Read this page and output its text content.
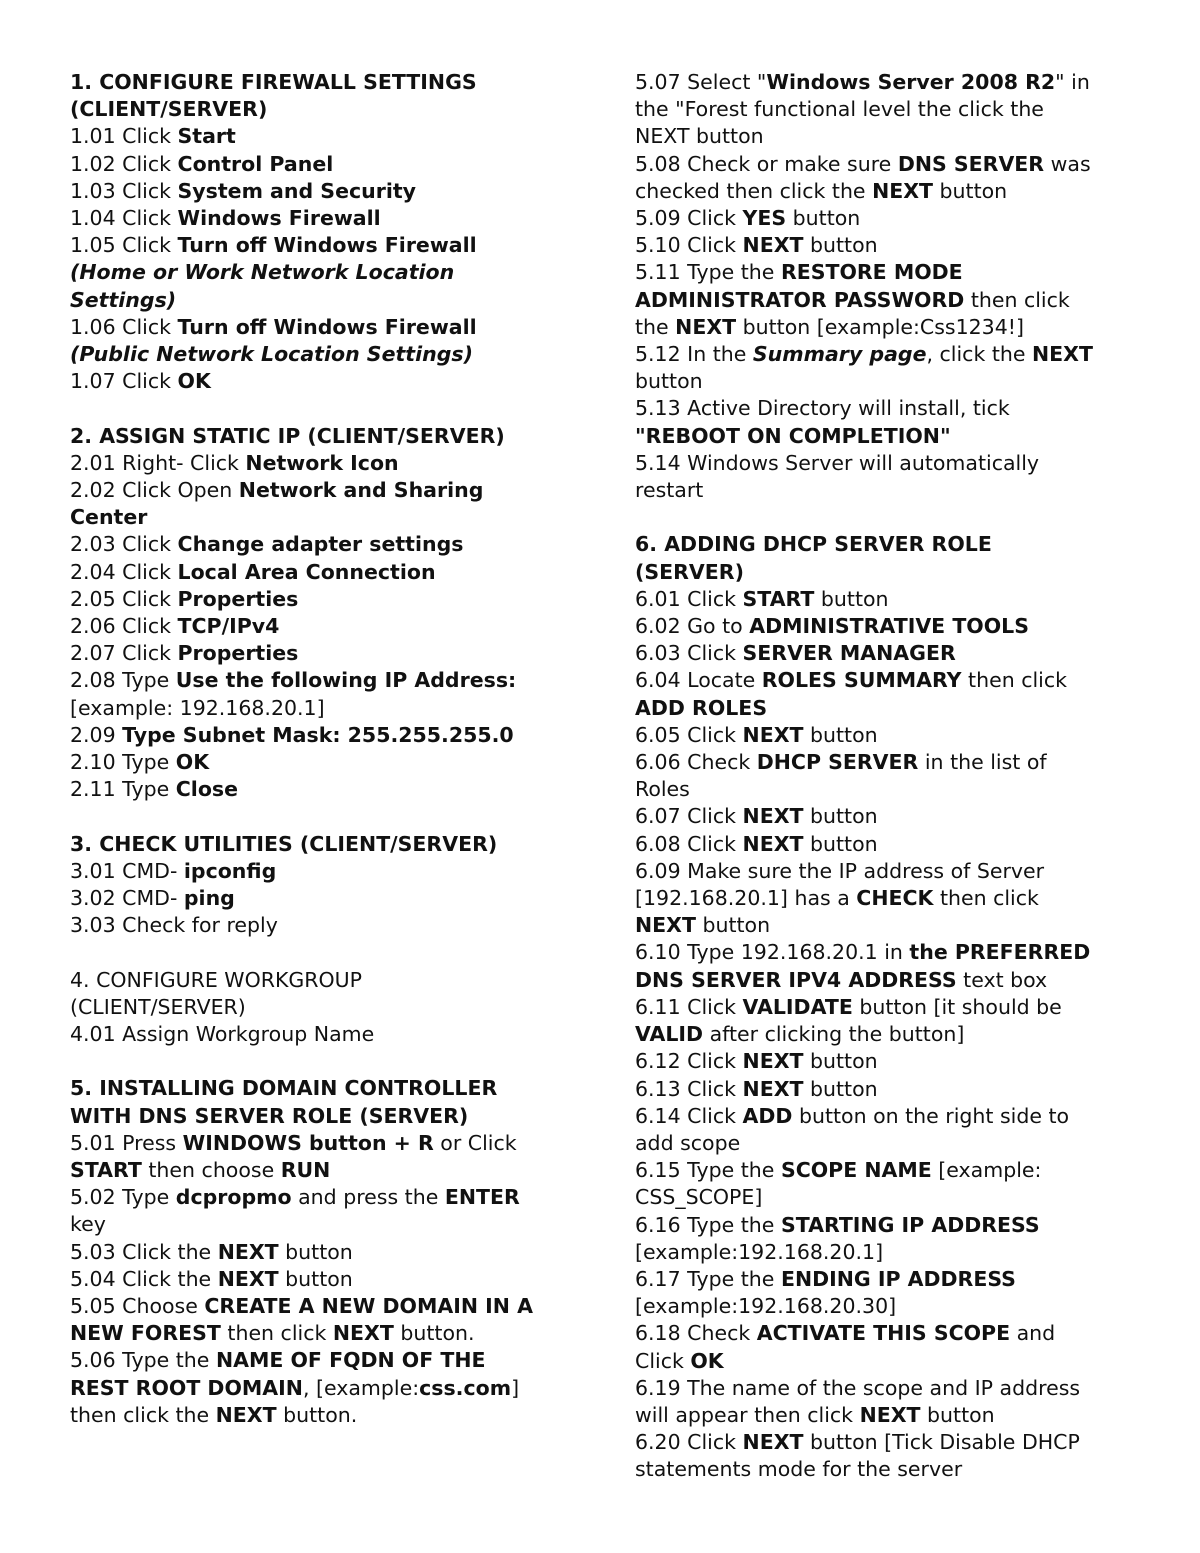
1. CONFIGURE FIREWALL SETTINGS
(CLIENT/SERVER)
1.01 Click Start
1.02 Click Control Panel
1.03 Click System and Security
1.04 Click Windows Firewall
1.05 Click Turn off Windows Firewall
(Home or Work Network Location
Settings)
1.06 Click Turn off Windows Firewall
(Public Network Location Settings)
1.07 Click OK
2. ASSIGN STATIC IP (CLIENT/SERVER)
2.01 Right- Click Network Icon
2.02 Click Open Network and Sharing
Center
2.03 Click Change adapter settings
2.04 Click Local Area Connection
2.05 Click Properties
2.06 Click TCP/IPv4
2.07 Click Properties
2.08 Type Use the following IP Address:
[example: 192.168.20.1]
2.09 Type Subnet Mask: 255.255.255.0
2.10 Type OK
2.11 Type Close
3. CHECK UTILITIES (CLIENT/SERVER)
3.01 CMD- ipconfig
3.02 CMD- ping
3.03 Check for reply
4. CONFIGURE WORKGROUP
(CLIENT/SERVER)
4.01 Assign Workgroup Name
5. INSTALLING DOMAIN CONTROLLER
WITH DNS SERVER ROLE (SERVER)
5.01 Press WINDOWS button + R or Click
START then choose RUN
5.02 Type dcpropmo and press the ENTER
key
5.03 Click the NEXT button
5.04 Click the NEXT button
5.05 Choose CREATE A NEW DOMAIN IN A
NEW FOREST then click NEXT button.
5.06 Type the NAME OF FQDN OF THE
REST ROOT DOMAIN, [example:css.com]
then click the NEXT button.
5.07 Select "Windows Server 2008 R2" in
the "Forest functional level the click the
NEXT button
5.08 Check or make sure DNS SERVER was
checked then click the NEXT button
5.09 Click YES button
5.10 Click NEXT button
5.11 Type the RESTORE MODE
ADMINISTRATOR PASSWORD then click
the NEXT button [example:Css1234!]
5.12 In the Summary page, click the NEXT
button
5.13 Active Directory will install, tick
"REBOOT ON COMPLETION"
5.14 Windows Server will automatically
restart
6. ADDING DHCP SERVER ROLE
(SERVER)
6.01 Click START button
6.02 Go to ADMINISTRATIVE TOOLS
6.03 Click SERVER MANAGER
6.04 Locate ROLES SUMMARY then click
ADD ROLES
6.05 Click NEXT button
6.06 Check DHCP SERVER in the list of
Roles
6.07 Click NEXT button
6.08 Click NEXT button
6.09 Make sure the IP address of Server
[192.168.20.1] has a CHECK then click
NEXT button
6.10 Type 192.168.20.1 in the PREFERRED
DNS SERVER IPV4 ADDRESS text box
6.11 Click VALIDATE button [it should be
VALID after clicking the button]
6.12 Click NEXT button
6.13 Click NEXT button
6.14 Click ADD button on the right side to
add scope
6.15 Type the SCOPE NAME [example:
CSS_SCOPE]
6.16 Type the STARTING IP ADDRESS
[example:192.168.20.1]
6.17 Type the ENDING IP ADDRESS
[example:192.168.20.30]
6.18 Check ACTIVATE THIS SCOPE and
Click OK
6.19 The name of the scope and IP address
will appear then click NEXT button
6.20 Click NEXT button [Tick Disable DHCP
statements mode for the server
